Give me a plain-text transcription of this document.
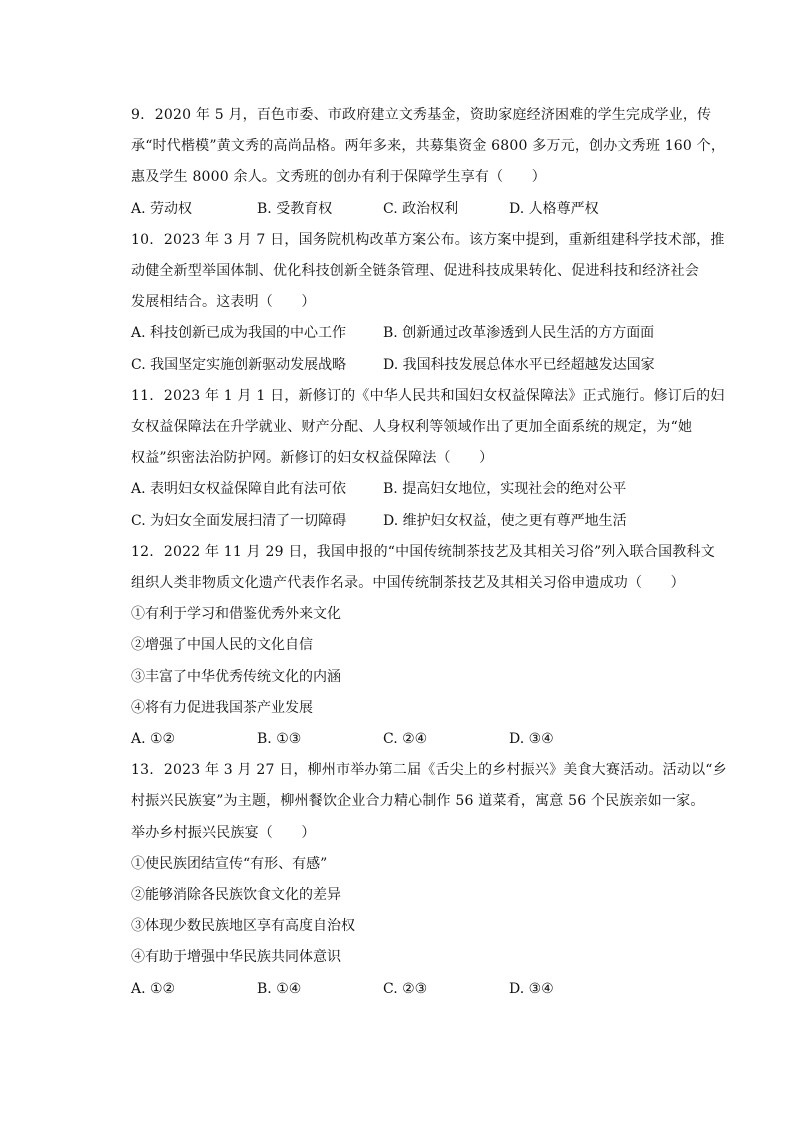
9. 2020 年 5 月，百色市委、市政府建立文秀基金，资助家庭经济困难的学生完成学业，传
承“时代楷模”黄文秀的高尚品格。两年多来，共募集资金 6800 多万元，创办文秀班 160 个，
惠及学生 8000 余人。文秀班的创办有利于保障学生享有（　　）
A. 劳动权	B. 受教育权	C. 政治权利	D. 人格尊严权
10. 2023 年 3 月 7 日，国务院机构改革方案公布。该方案中提到，重新组建科学技术部，推
动健全新型举国体制、优化科技创新全链条管理、促进科技成果转化、促进科技和经济社会
发展相结合。这表明（　　）
A. 科技创新已成为我国的中心工作	B. 创新通过改革渗透到人民生活的方方面面
C. 我国坚定实施创新驱动发展战略	D. 我国科技发展总体水平已经超越发达国家
11. 2023 年 1 月 1 日，新修订的《中华人民共和国妇女权益保障法》正式施行。修订后的妇
女权益保障法在升学就业、财产分配、人身权利等领域作出了更加全面系统的规定，为“她
权益”织密法治防护网。新修订的妇女权益保障法（　　）
A. 表明妇女权益保障自此有法可依	B. 提高妇女地位，实现社会的绝对公平
C. 为妇女全面发展扫清了一切障碍	D. 维护妇女权益，使之更有尊严地生活
12. 2022 年 11 月 29 日，我国申报的“中国传统制茶技艺及其相关习俗”列入联合国教科文
组织人类非物质文化遗产代表作名录。中国传统制茶技艺及其相关习俗申遗成功（　　）
①有利于学习和借鉴优秀外来文化
②增强了中国人民的文化自信
③丰富了中华优秀传统文化的内涵
④将有力促进我国茶产业发展
A. ①②	B. ①③	C. ②④	D. ③④
13. 2023 年 3 月 27 日，柳州市举办第二届《舌尖上的乡村振兴》美食大赛活动。活动以“乡
村振兴民族宴”为主题，柳州餐饮企业合力精心制作 56 道菜肴，寓意 56 个民族亲如一家。
举办乡村振兴民族宴（　　）
①使民族团结宣传“有形、有感”
②能够消除各民族饮食文化的差异
③体现少数民族地区享有高度自治权
④有助于增强中华民族共同体意识
A. ①②	B. ①④	C. ②③	D. ③④
